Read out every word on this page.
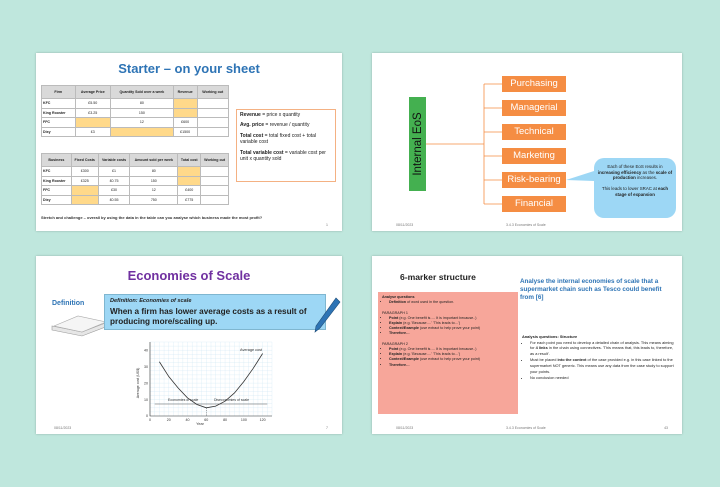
Starter – on your sheet
Firm	Average Price	Quantity Sold over a week	Revenue	Working out
KFC	£5.50	80		
King Rooster	£3.25	150		
FFC		12	£600	
Dixy	£3		£1500	
Business	Fixed Costs	Variable costs	Amount sold per week	Total cost	Working out
KFC	£300	£1	80		
King Rooster	£325	£0.75	150		
FFC		£30	12	£400	
Dixy		£0.55	750	£775	

Revenue = price x quantity

Avg. price = revenue / quantity

Total cost = total fixed cost + total variable cost

Total variable cost = variable cost per unit x quantity sold

Stretch and challenge – overall by using the data in the table can you analyse which business made the most profit?
1
Internal EoS
Purchasing
Managerial
Technical
Marketing
Risk-bearing
Financial
Each of these EoS results in increasing efficiency as the scale of production increases.

This leads to lower SRAC at each stage of expansion
08/11/2023	3.4.3 Economies of Scale
Economies of Scale
Definition	Definition: Economies of scale
When a firm has lower average costs as a result of producing more/scaling up.
0	20	40	60	80	100	120
0
10
20
30
40
Average cost (US$)
Year
Average cost
Economies of scale	Diseconomies of scale
08/11/2023	7
6-marker structure	Analyse the internal economies of scale that a supermarket chain such as Tesco could benefit from [6]
Analyse questions
• Definition of word used in the question.

PARAGRAPH 1
• Point (e.g. One benefit is…. It is important because..)
• Explain (e.g. 'Because….' 'This leads to…')
• Context/Example (use extract to help prove your point)
• Therefore…

PARAGRAPH 2
• Point (e.g. One benefit is…. It is important because..)
• Explain (e.g. 'Because….' 'This leads to…')
• Context/Example (use extract to help prove your point)
• Therefore…
Analysis questions: Structure
• For each point you need to develop a detailed chain of analysis. This means aiming for 4 links in the chain using connectives. 'This means that, this leads to, therefore, as a result'.
• Must be placed into the context of the case provided e.g. in this case linked to the supermarket NOT generic. This means use any data from the case study to support your points.
• No conclusion needed
08/11/2023	3.4.3 Economies of Scale	43
